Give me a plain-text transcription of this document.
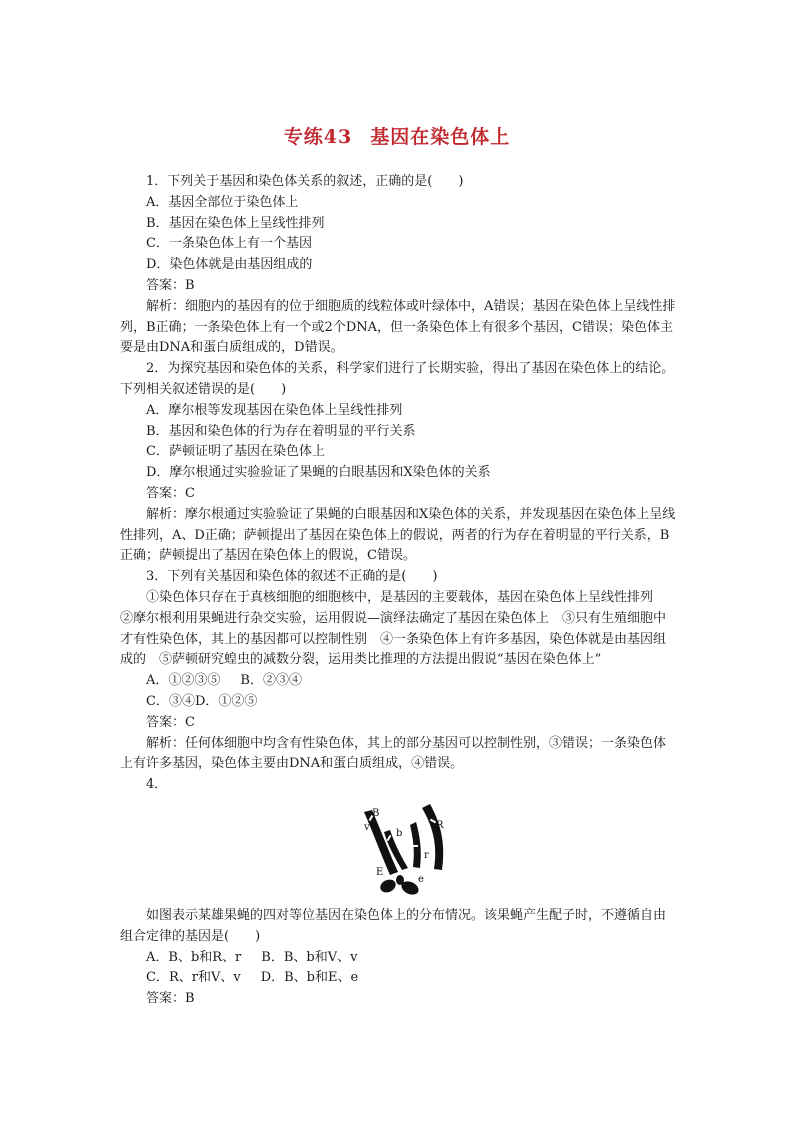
专练43 基因在染色体上

1．下列关于基因和染色体关系的叙述，正确的是(　　)

A．基因全部位于染色体上

B．基因在染色体上呈线性排列

C．一条染色体上有一个基因

D．染色体就是由基因组成的

答案：B

解析：细胞内的基因有的位于细胞质的线粒体或叶绿体中，A错误；基因在染色体上呈线性排列，B正确；一条染色体上有一个或2个DNA，但一条染色体上有很多个基因，C错误；染色体主要是由DNA和蛋白质组成的，D错误。

2．为探究基因和染色体的关系，科学家们进行了长期实验，得出了基因在染色体上的结论。下列相关叙述错误的是(　　)

A．摩尔根等发现基因在染色体上呈线性排列

B．基因和染色体的行为存在着明显的平行关系

C．萨顿证明了基因在染色体上

D．摩尔根通过实验验证了果蝇的白眼基因和X染色体的关系

答案：C

解析：摩尔根通过实验验证了果蝇的白眼基因和X染色体的关系，并发现基因在染色体上呈线性排列，A、D正确；萨顿提出了基因在染色体上的假说，两者的行为存在着明显的平行关系，B正确；萨顿提出了基因在染色体上的假说，C错误。

3．下列有关基因和染色体的叙述不正确的是(　　)

①染色体只存在于真核细胞的细胞核中，是基因的主要载体，基因在染色体上呈线性排列　②摩尔根利用果蝇进行杂交实验，运用假说—演绎法确定了基因在染色体上　③只有生殖细胞中才有性染色体，其上的基因都可以控制性别　④一条染色体上有许多基因，染色体就是由基因组成的　⑤萨顿研究蝗虫的减数分裂，运用类比推理的方法提出假说“基因在染色体上”

A．①②③⑤ B．②③④

C．③④D．①②⑤

答案：C

解析：任何体细胞中均含有性染色体，其上的部分基因可以控制性别，③错误；一条染色体上有许多基因，染色体主要由DNA和蛋白质组成，④错误。

4．

B
v
b
V
R
r
E
e

如图表示某雄果蝇的四对等位基因在染色体上的分布情况。该果蝇产生配子时，不遵循自由组合定律的基因是(　　)

A．B、b和R、r B．B、b和V、v

C．R、r和V、v D．B、b和E、e

答案：B
